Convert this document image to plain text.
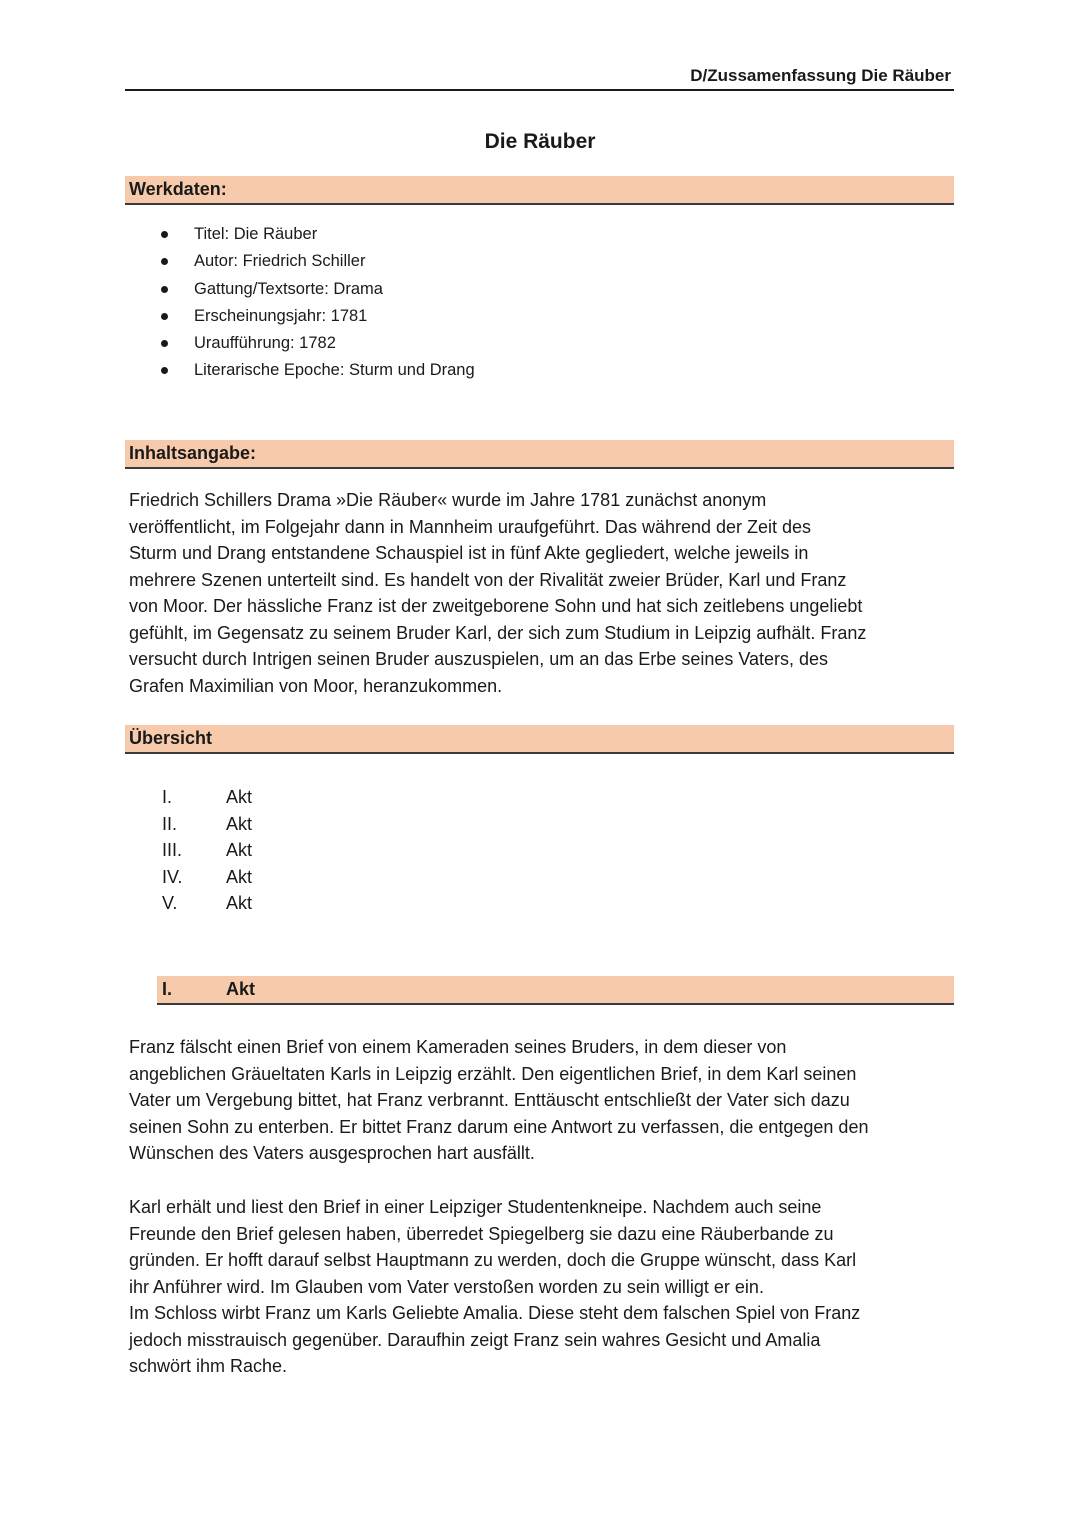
D/Zussamenfassung Die Räuber
Die Räuber
Werkdaten:
Titel: Die Räuber
Autor: Friedrich Schiller
Gattung/Textsorte: Drama
Erscheinungsjahr: 1781
Uraufführung: 1782
Literarische Epoche: Sturm und Drang
Inhaltsangabe:
Friedrich Schillers Drama »Die Räuber« wurde im Jahre 1781 zunächst anonym
veröffentlicht, im Folgejahr dann in Mannheim uraufgeführt. Das während der Zeit des
Sturm und Drang entstandene Schauspiel ist in fünf Akte gegliedert, welche jeweils in
mehrere Szenen unterteilt sind. Es handelt von der Rivalität zweier Brüder, Karl und Franz
von Moor. Der hässliche Franz ist der zweitgeborene Sohn und hat sich zeitlebens ungeliebt
gefühlt, im Gegensatz zu seinem Bruder Karl, der sich zum Studium in Leipzig aufhält. Franz
versucht durch Intrigen seinen Bruder auszuspielen, um an das Erbe seines Vaters, des
Grafen Maximilian von Moor, heranzukommen.
Übersicht
I.	Akt
II.	Akt
III.	Akt
IV.	Akt
V.	Akt
I.	Akt
Franz fälscht einen Brief von einem Kameraden seines Bruders, in dem dieser von
angeblichen Gräueltaten Karls in Leipzig erzählt. Den eigentlichen Brief, in dem Karl seinen
Vater um Vergebung bittet, hat Franz verbrannt. Enttäuscht entschließt der Vater sich dazu
seinen Sohn zu enterben. Er bittet Franz darum eine Antwort zu verfassen, die entgegen den
Wünschen des Vaters ausgesprochen hart ausfällt.
Karl erhält und liest den Brief in einer Leipziger Studentenkneipe. Nachdem auch seine
Freunde den Brief gelesen haben, überredet Spiegelberg sie dazu eine Räuberbande zu
gründen. Er hofft darauf selbst Hauptmann zu werden, doch die Gruppe wünscht, dass Karl
ihr Anführer wird. Im Glauben vom Vater verstoßen worden zu sein willigt er ein.
Im Schloss wirbt Franz um Karls Geliebte Amalia. Diese steht dem falschen Spiel von Franz
jedoch misstrauisch gegenüber. Daraufhin zeigt Franz sein wahres Gesicht und Amalia
schwört ihm Rache.
